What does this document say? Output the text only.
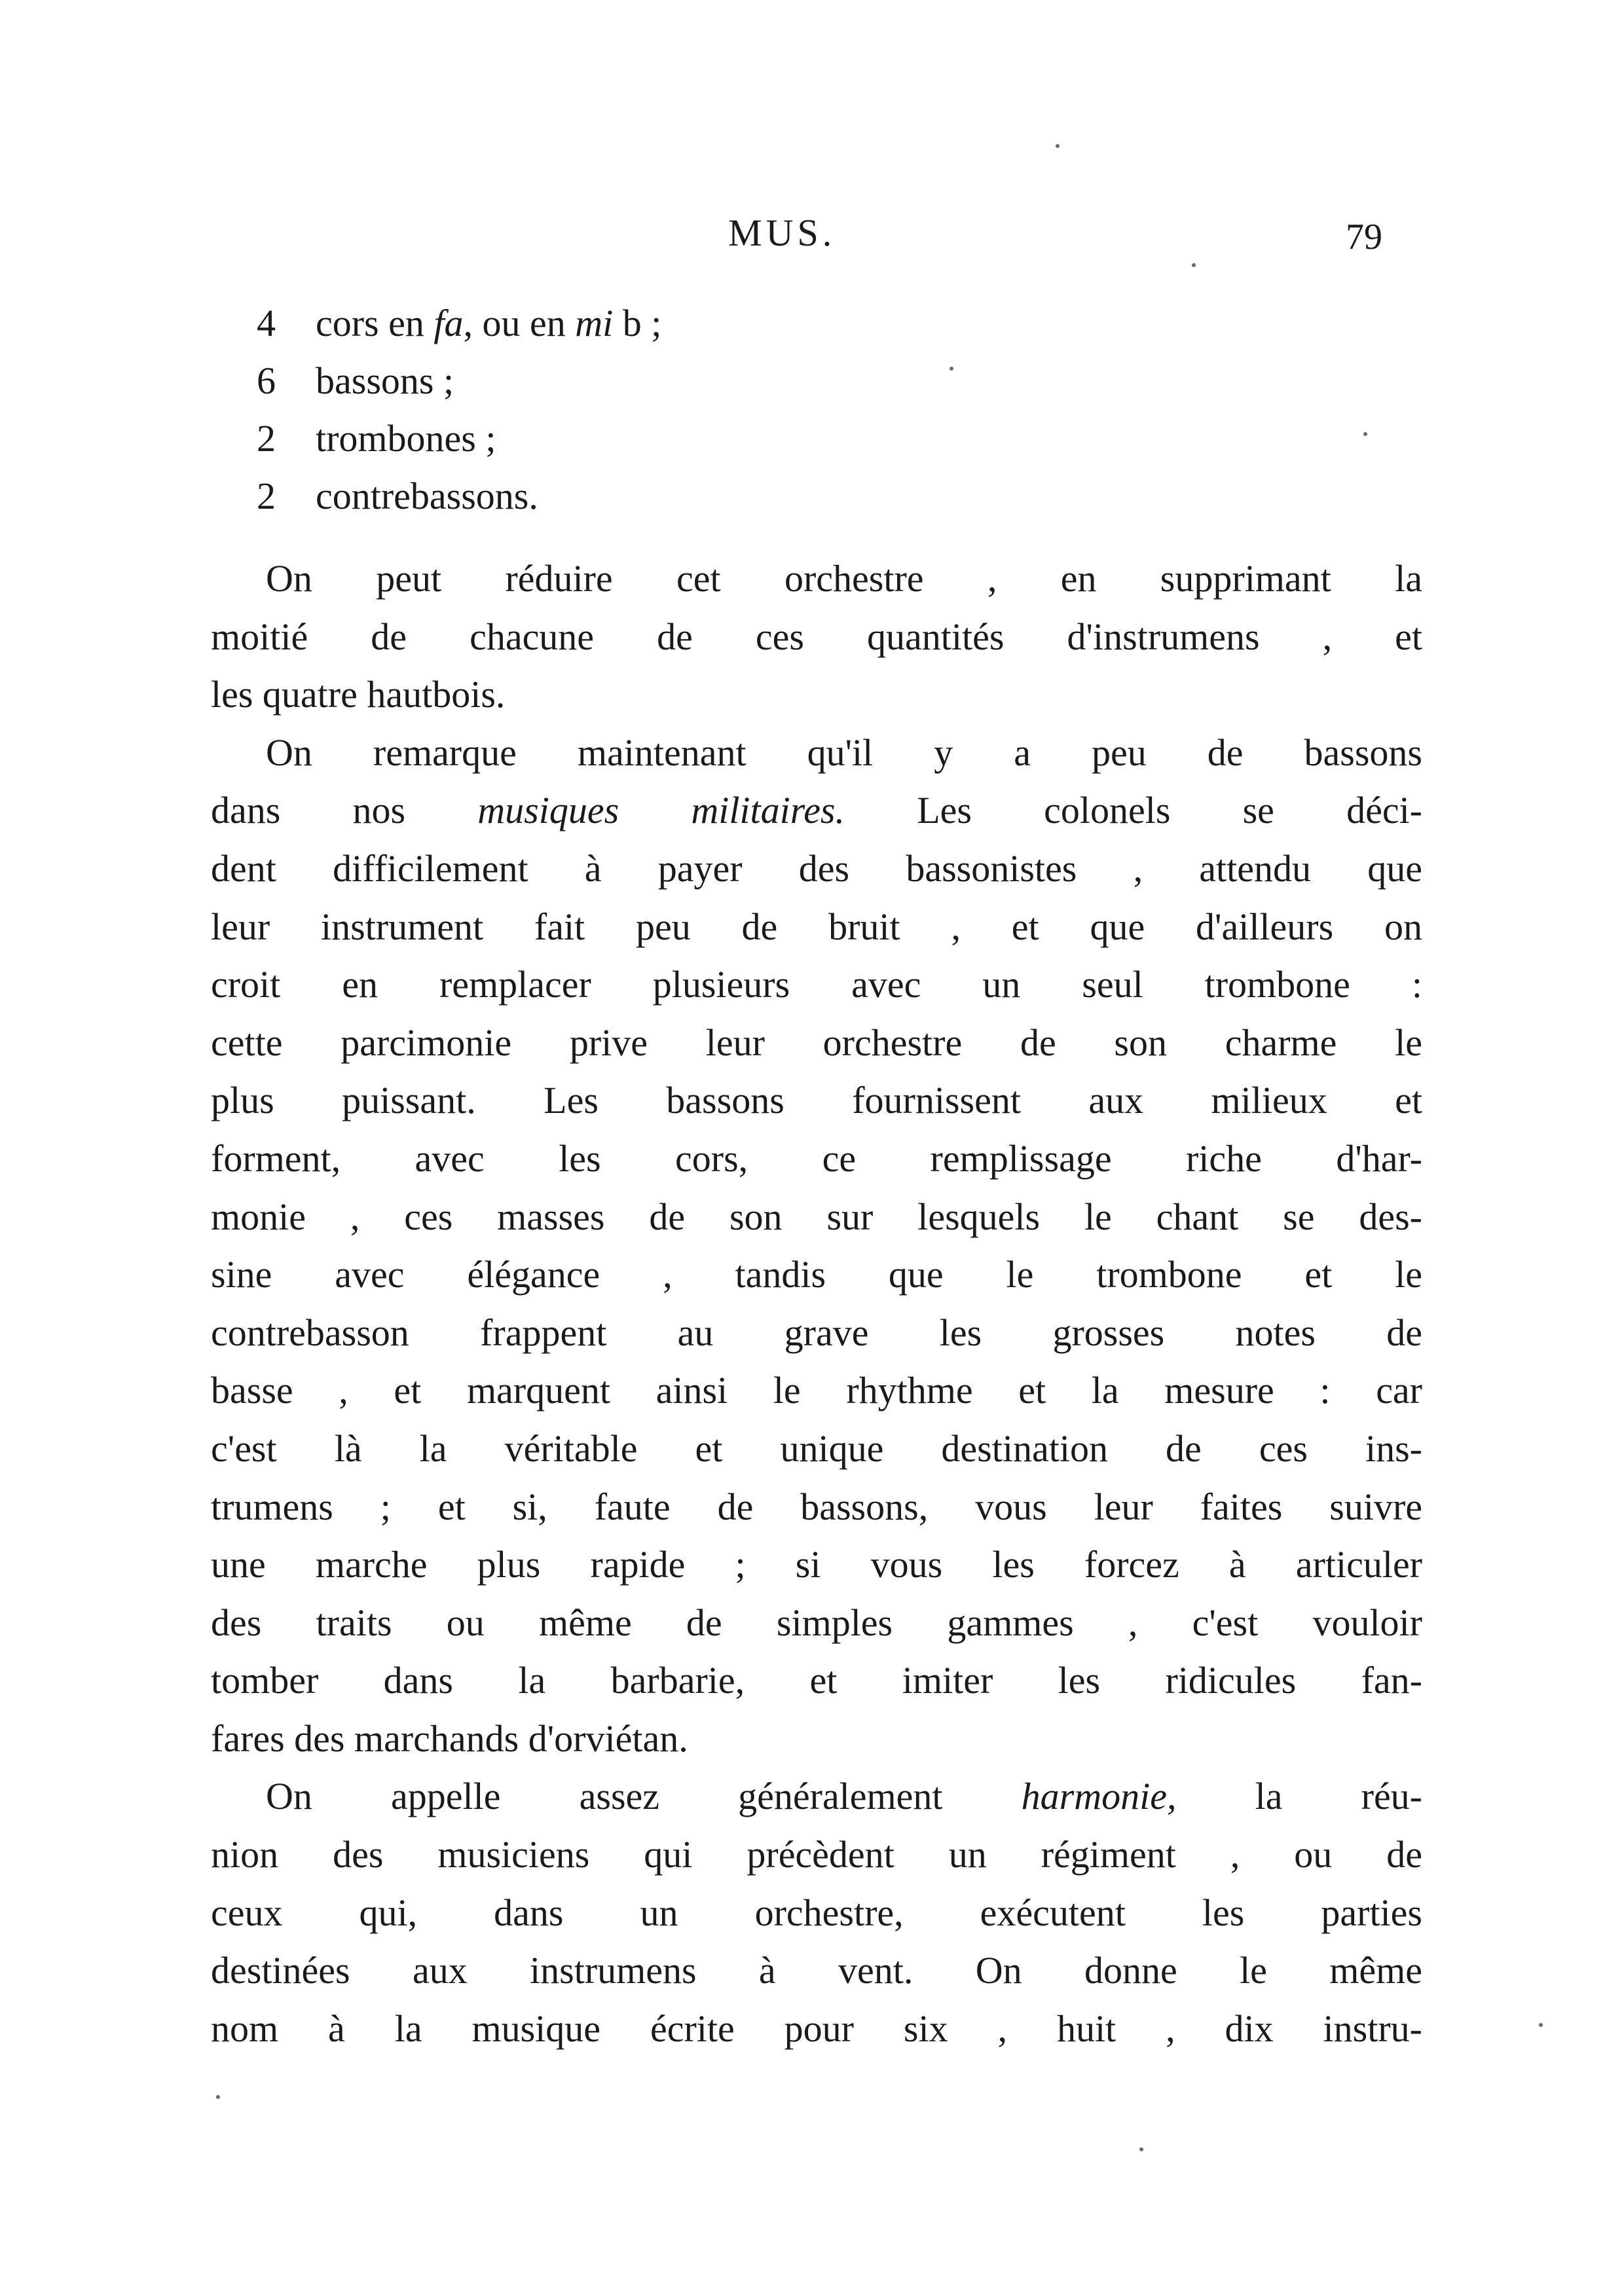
MUS.	79
4	cors en fa, ou en mi b ;
6	bassons ;
2	trombones ;
2	contrebassons.
On peut réduire cet orchestre , en supprimant la
moitié de chacune de ces quantités d'instrumens , et
les quatre hautbois.
On remarque maintenant qu'il y a peu de bassons
dans nos musiques militaires. Les colonels se déci-
dent difficilement à payer des bassonistes , attendu que
leur instrument fait peu de bruit , et que d'ailleurs on
croit en remplacer plusieurs avec un seul trombone :
cette parcimonie prive leur orchestre de son charme le
plus puissant. Les bassons fournissent aux milieux et
forment, avec les cors, ce remplissage riche d'har-
monie , ces masses de son sur lesquels le chant se des-
sine avec élégance , tandis que le trombone et le
contrebasson frappent au grave les grosses notes de
basse , et marquent ainsi le rhythme et la mesure : car
c'est là la véritable et unique destination de ces ins-
trumens ; et si, faute de bassons, vous leur faites suivre
une marche plus rapide ; si vous les forcez à articuler
des traits ou même de simples gammes , c'est vouloir
tomber dans la barbarie, et imiter les ridicules fan-
fares des marchands d'orviétan.
On appelle assez généralement harmonie, la réu-
nion des musiciens qui précèdent un régiment , ou de
ceux qui, dans un orchestre, exécutent les parties
destinées aux instrumens à vent. On donne le même
nom à la musique écrite pour six , huit , dix instru-
